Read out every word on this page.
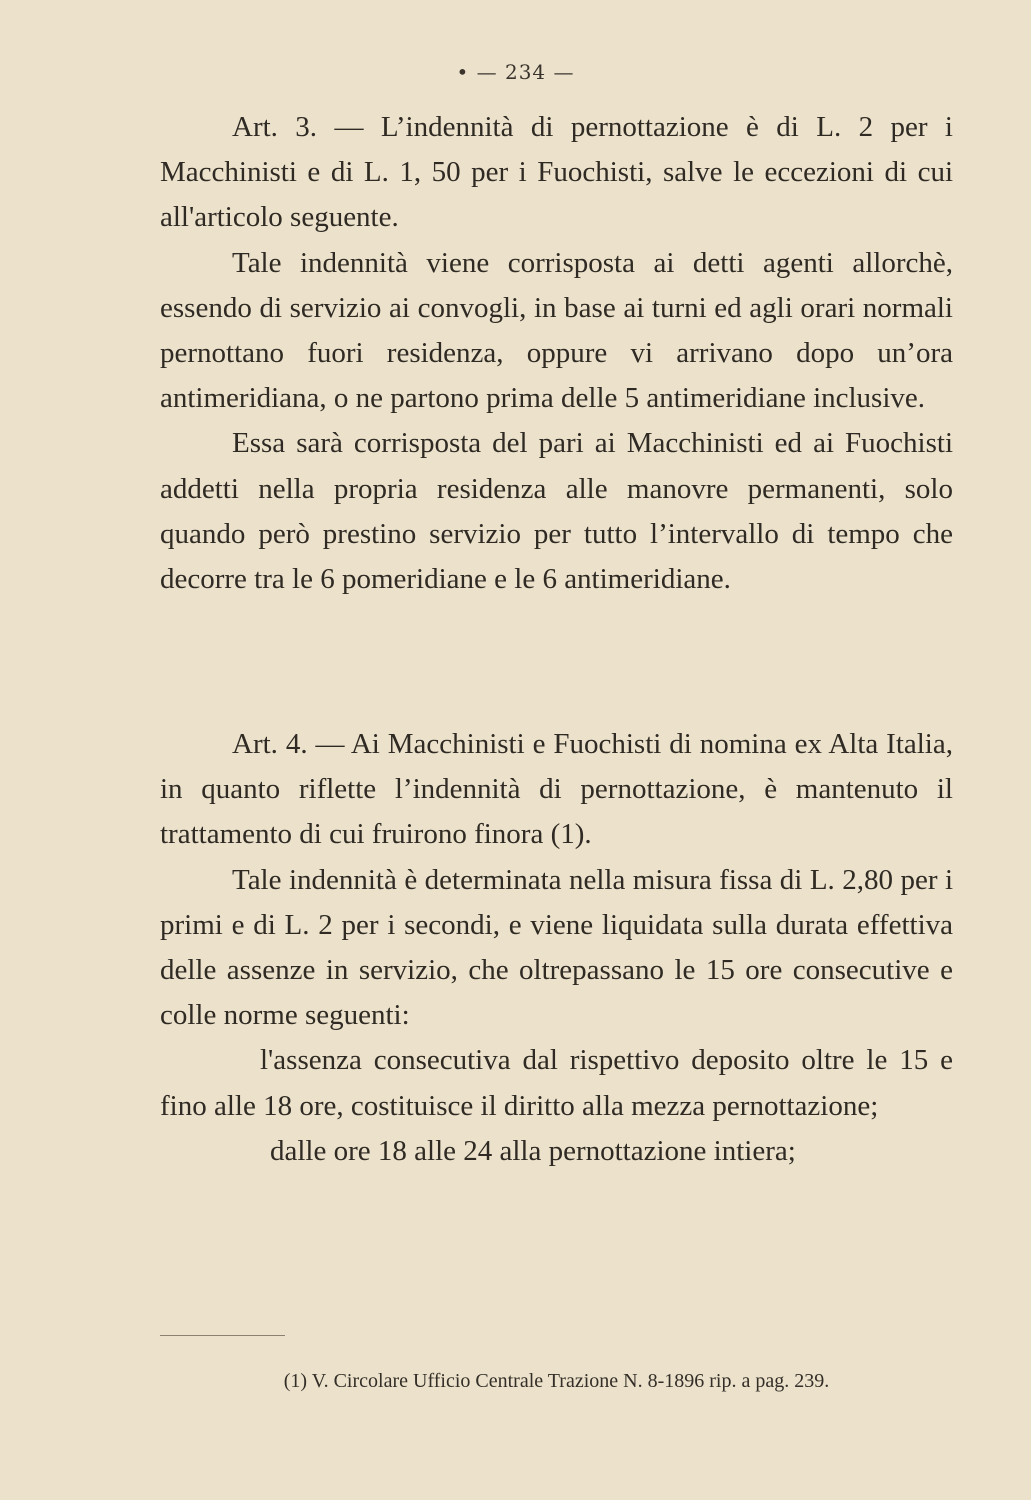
• — 234 —

Art. 3. — L’indennità di pernottazione è di L. 2 per i Macchinisti e di L. 1, 50 per i Fuochisti, salve le eccezioni di cui all'articolo seguente.

Tale indennità viene corrisposta ai detti agenti allorchè, essendo di servizio ai convogli, in base ai turni ed agli orari normali pernottano fuori residenza, oppure vi arrivano dopo un’ora antimeridiana, o ne partono prima delle 5 antimeridiane inclusive.

Essa sarà corrisposta del pari ai Macchinisti ed ai Fuochisti addetti nella propria residenza alle manovre permanenti, solo quando però prestino servizio per tutto l’intervallo di tempo che decorre tra le 6 pomeridiane e le 6 antimeridiane.

Art. 4. — Ai Macchinisti e Fuochisti di nomina ex Alta Italia, in quanto riflette l’indennità di pernottazione, è mantenuto il trattamento di cui fruirono finora (1).

Tale indennità è determinata nella misura fissa di L. 2,80 per i primi e di L. 2 per i secondi, e viene liquidata sulla durata effettiva delle assenze in servizio, che oltrepassano le 15 ore consecutive e colle norme seguenti:

l'assenza consecutiva dal rispettivo deposito oltre le 15 e fino alle 18 ore, costituisce il diritto alla mezza pernottazione;

dalle ore 18 alle 24 alla pernottazione intiera;

(1) V. Circolare Ufficio Centrale Trazione N. 8-1896 rip. a pag. 239.
